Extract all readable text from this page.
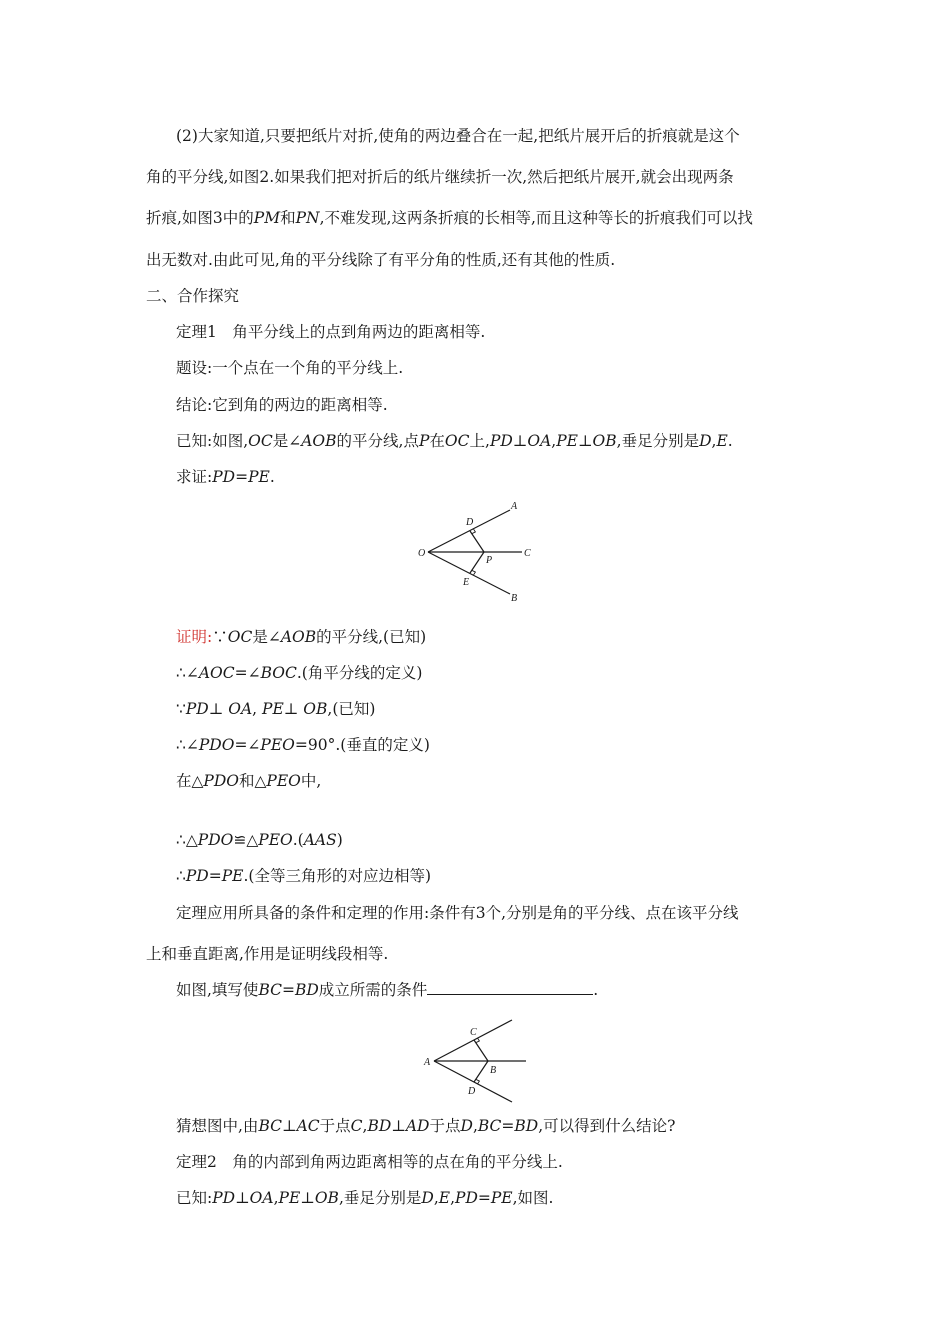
(2)大家知道,只要把纸片对折,使角的两边叠合在一起,把纸片展开后的折痕就是这个
角的平分线,如图2.如果我们把对折后的纸片继续折一次,然后把纸片展开,就会出现两条
折痕,如图3中的PM和PN,不难发现,这两条折痕的长相等,而且这种等长的折痕我们可以找
出无数对.由此可见,角的平分线除了有平分角的性质,还有其他的性质.
二、合作探究
定理1　角平分线上的点到角两边的距离相等.
题设:一个点在一个角的平分线上.
结论:它到角的两边的距离相等.
已知:如图,OC是∠AOB的平分线,点P在OC上,PD⊥OA,PE⊥OB,垂足分别是D,E.
求证:PD=PE.
A
D
O
P
C
E
B
证明:∵OC是∠AOB的平分线,(已知)
∴∠AOC=∠BOC.(角平分线的定义)
∵PD⊥ OA, PE⊥ OB,(已知)
∴∠PDO=∠PEO=90°.(垂直的定义)
在△PDO和△PEO中,
∴△PDO≌△PEO.(AAS)
∴PD=PE.(全等三角形的对应边相等)
定理应用所具备的条件和定理的作用:条件有3个,分别是角的平分线、点在该平分线
上和垂直距离,作用是证明线段相等.
如图,填写使BC=BD成立所需的条件	.
A
C
B
D
猜想图中,由BC⊥AC于点C,BD⊥AD于点D,BC=BD,可以得到什么结论?
定理2　角的内部到角两边距离相等的点在角的平分线上.
已知:PD⊥OA,PE⊥OB,垂足分别是D,E,PD=PE,如图.
